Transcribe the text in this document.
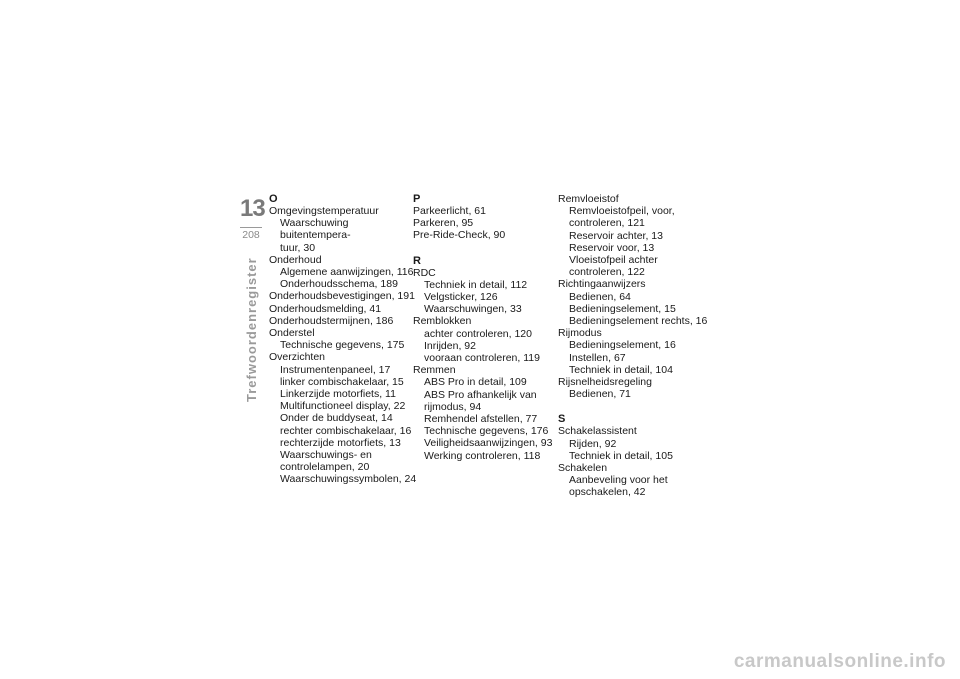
13
208
Trefwoordenregister
O
Omgevingstemperatuur
Waarschuwing buitentempera-
tuur, 30
Onderhoud
Algemene aanwijzingen, 116
Onderhoudsschema, 189
Onderhoudsbevestigingen, 191
Onderhoudsmelding, 41
Onderhoudstermijnen, 186
Onderstel
Technische gegevens, 175
Overzichten
Instrumentenpaneel, 17
linker combischakelaar, 15
Linkerzijde motorfiets, 11
Multifunctioneel display, 22
Onder de buddyseat, 14
rechter combischakelaar, 16
rechterzijde motorfiets, 13
Waarschuwings- en
controlelampen, 20
Waarschuwingssymbolen, 24
P
Parkeerlicht, 61
Parkeren, 95
Pre-Ride-Check, 90
R
RDC
Techniek in detail, 112
Velgsticker, 126
Waarschuwingen, 33
Remblokken
achter controleren, 120
Inrijden, 92
vooraan controleren, 119
Remmen
ABS Pro in detail, 109
ABS Pro afhankelijk van
rijmodus, 94
Remhendel afstellen, 77
Technische gegevens, 176
Veiligheidsaanwijzingen, 93
Werking controleren, 118
Remvloeistof
Remvloeistofpeil, voor,
controleren, 121
Reservoir achter, 13
Reservoir voor, 13
Vloeistofpeil achter
controleren, 122
Richtingaanwijzers
Bedienen, 64
Bedieningselement, 15
Bedieningselement rechts, 16
Rijmodus
Bedieningselement, 16
Instellen, 67
Techniek in detail, 104
Rijsnelheidsregeling
Bedienen, 71
S
Schakelassistent
Rijden, 92
Techniek in detail, 105
Schakelen
Aanbeveling voor het
opschakelen, 42
carmanualsonline.info
